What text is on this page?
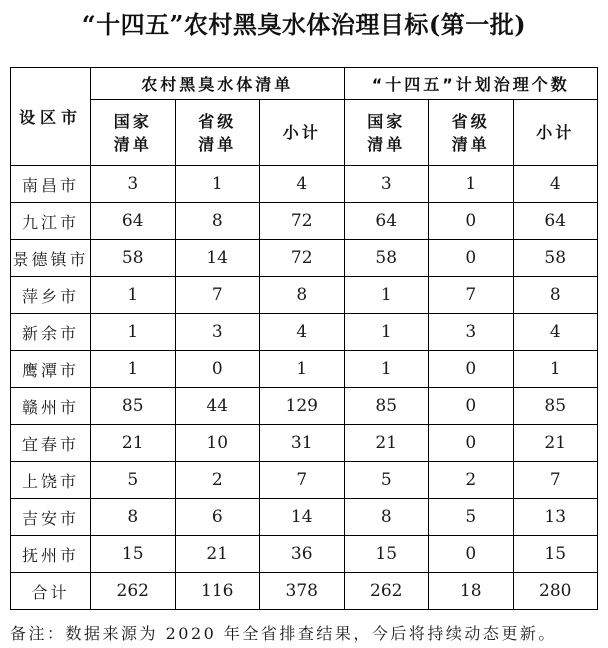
“十四五”农村黑臭水体治理目标(第一批)
设区市	农村黑臭水体清单			“十四五”计划治理个数		

国家
清单

省级
清单

小计

国家
清单

省级
清单

小计

南昌市	3	1	4	3	1	4
九江市	64	8	72	64	0	64
景德镇市	58	14	72	58	0	58
萍乡市	1	7	8	1	7	8
新余市	1	3	4	1	3	4
鹰潭市	1	0	1	1	0	1
赣州市	85	44	129	85	0	85
宜春市	21	10	31	21	0	21
上饶市	5	2	7	5	2	7
吉安市	8	6	14	8	5	13
抚州市	15	21	36	15	0	15
合计	262	116	378	262	18	280

备注：数据来源为 2020 年全省排查结果，今后将持续动态更新。
